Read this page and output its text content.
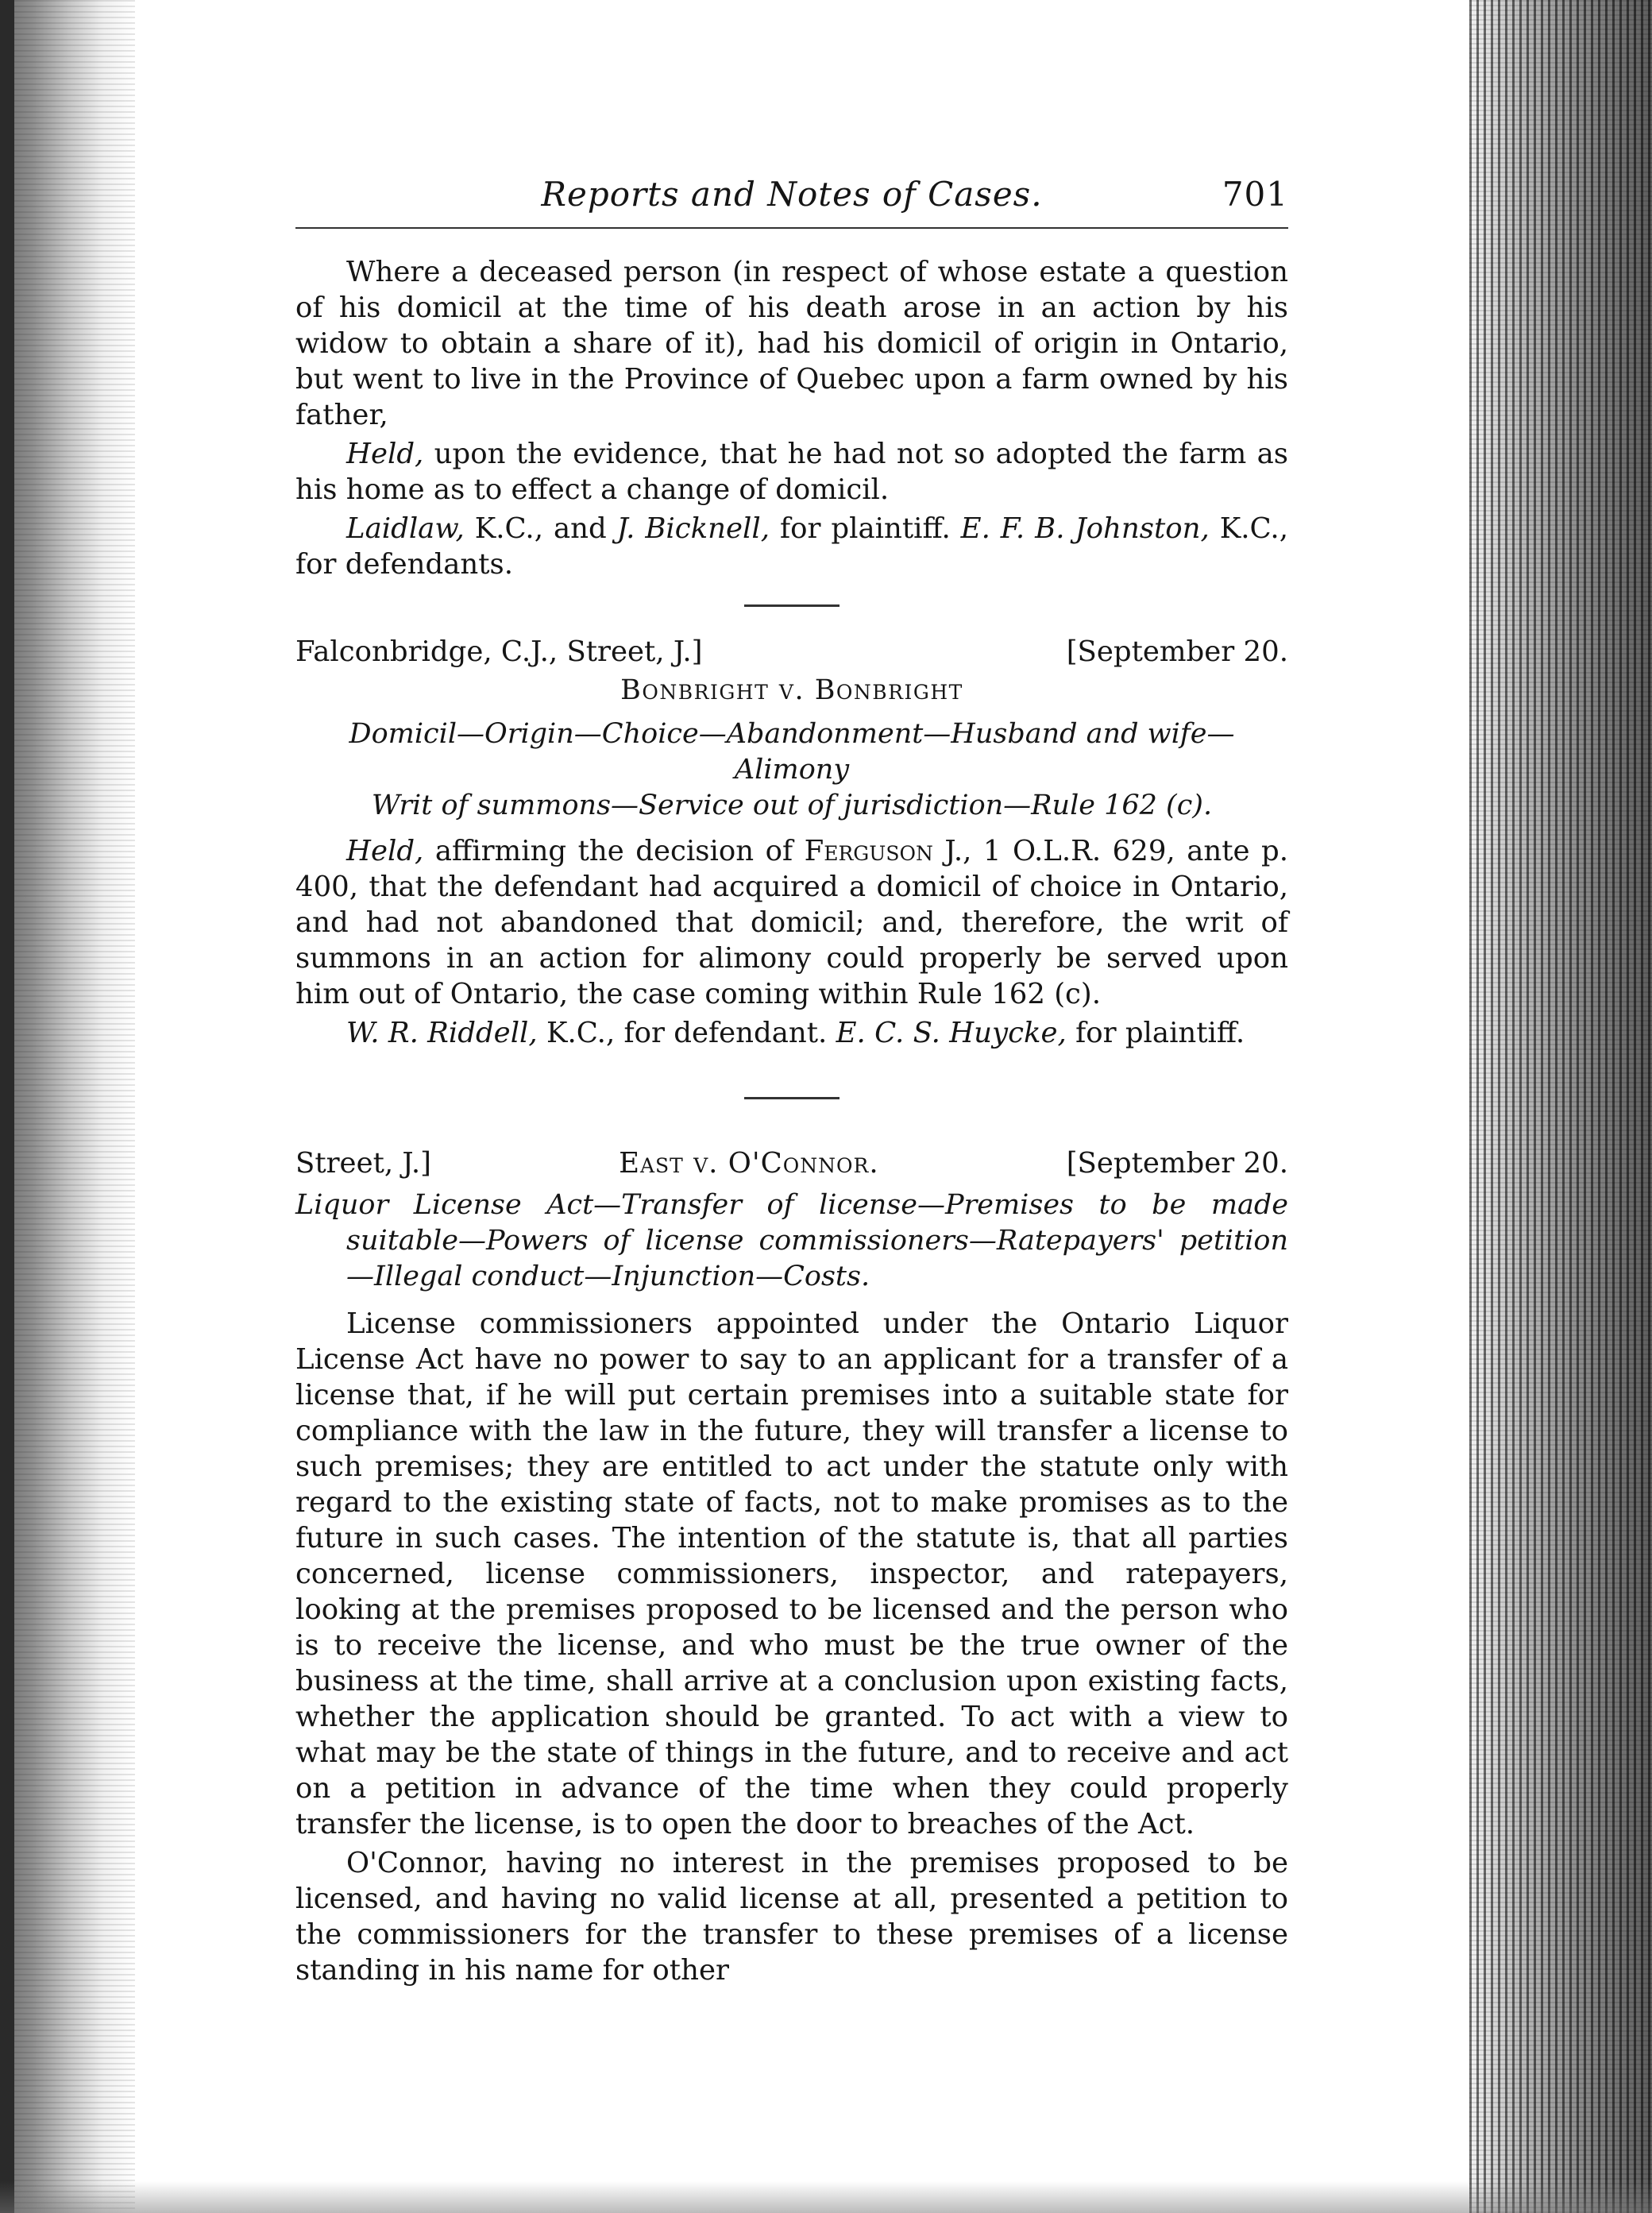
Reports and Notes of Cases.	701

Where a deceased person (in respect of whose estate a question of his domicil at the time of his death arose in an action by his widow to obtain a share of it), had his domicil of origin in Ontario, but went to live in the Province of Quebec upon a farm owned by his father,

Held, upon the evidence, that he had not so adopted the farm as his home as to effect a change of domicil.

Laidlaw, K.C., and J. Bicknell, for plaintiff. E. F. B. Johnston, K.C., for defendants.

Falconbridge, C.J., Street, J.]	[September 20.
Bonbright v. Bonbright
Domicil—Origin—Choice—Abandonment—Husband and wife—Alimony
Writ of summons—Service out of jurisdiction—Rule 162 (c).

Held, affirming the decision of Ferguson J., 1 O.L.R. 629, ante p. 400, that the defendant had acquired a domicil of choice in Ontario, and had not abandoned that domicil; and, therefore, the writ of summons in an action for alimony could properly be served upon him out of Ontario, the case coming within Rule 162 (c).

W. R. Riddell, K.C., for defendant. E. C. S. Huycke, for plaintiff.

Street, J.]	East v. O'Connor.	[September 20.
Liquor License Act—Transfer of license—Premises to be made suitable—Powers of license commissioners—Ratepayers' petition—Illegal conduct—Injunction—Costs.

License commissioners appointed under the Ontario Liquor License Act have no power to say to an applicant for a transfer of a license that, if he will put certain premises into a suitable state for compliance with the law in the future, they will transfer a license to such premises; they are entitled to act under the statute only with regard to the existing state of facts, not to make promises as to the future in such cases. The intention of the statute is, that all parties concerned, license commissioners, inspector, and ratepayers, looking at the premises proposed to be licensed and the person who is to receive the license, and who must be the true owner of the business at the time, shall arrive at a conclusion upon existing facts, whether the application should be granted. To act with a view to what may be the state of things in the future, and to receive and act on a petition in advance of the time when they could properly transfer the license, is to open the door to breaches of the Act.

O'Connor, having no interest in the premises proposed to be licensed, and having no valid license at all, presented a petition to the commissioners for the transfer to these premises of a license standing in his name for other
